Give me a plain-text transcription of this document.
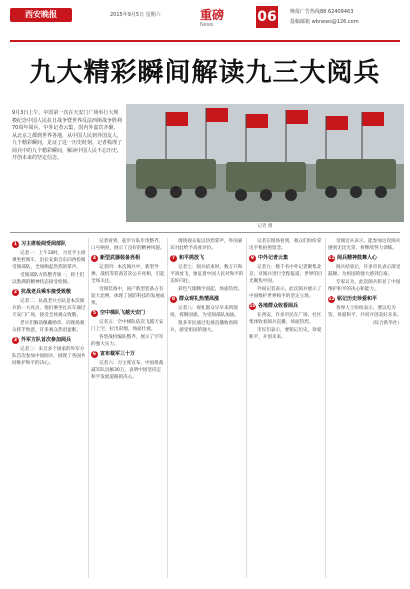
西安晚报	2015年9月5日 星期六	重磅
News	06	晚报广告热线88 62409463
投稿邮箱 wbnews@126.com
九大精彩瞬间解读九三大阅兵
9月3日上午，中国第一次在天安门广场举行大规模纪念中国人民抗日战争暨世界反法西斯战争胜利70周年阅兵，中外记者云集，国内外嘉宾齐聚。从北京之都到世界各地，从中国人民到外国友人，九个精彩瞬间，见证了这一历史时刻。记者梳理了阅兵中的九个精彩瞬间，解读中国人民不忘历史、开创未来的坚定信念。
记者 摄
1 习主席检阅受阅部队

记者一：上午10时，习近平主席乘坐检阅车，沿长安街自东向西检阅受阅部队，全场响起热烈的掌声。

受阅部队方阵整齐划一，将士们以饱满的精神状态接受检阅。

2 抗战老兵乘车接受致敬

记者二：抗战老兵方队是本次阅兵的一大亮点，他们乘坐礼宾车通过天安门广场，接受全场观众致敬。

老兵们胸前佩戴勋章，向现场观众挥手致意，许多观众热泪盈眶。

3 外军方队首次参加阅兵

记者三：来自多个国家的外军方队首次参加中国阅兵，展现了各国共同维护和平的决心。

记者看到，徒步方队步伐整齐，口号响亮，展示了良好的精神风貌。

4 新型武器装备亮相

记者四：本次阅兵中，新型导弹、战机等装备首次公开亮相，引起全场关注。

受阅装备中，国产新型装备占有较大比例，体现了国防科技的发展成果。

5 空中梯队飞越天安门

记者五：空中梯队依次飞越天安门上空，拉出彩烟，场面壮观。

各型战机编队整齐，展示了空军的强大实力。

6 宣布裁军三十万

记者六：习主席宣布，中国将裁减军队员额30万，表明中国坚持走和平发展道路的决心。

现场观众报以热烈掌声，外国嘉宾对此给予高度评价。

7 和平鸽放飞

记者七：阅兵结束时，数万只和平鸽放飞，象征着中国人民对和平的美好向往。

彩色气球腾空而起，场面热烈。

8 群众观礼热情高涨

记者八：观礼群众早早来到现场，挥舞国旗，为受阅部队加油。

很多市民通过电视直播收看阅兵，感受祖国的强大。

记者在现场看到，观众们纷纷拿出手机拍照留念。

9 中外记者云集

记者九：数千名中外记者聚集北京，对阅兵进行全程报道，世界的目光聚焦中国。

外国记者表示，此次阅兵展示了中国维护世界和平的坚定立场。

10 各地群众收看阅兵

在西安，许多市民在广场、社区集体收看阅兵直播，场面热烈。

市民们表示，要铭记历史，珍爱和平，开创未来。

受阅官兵表示，能参加这次阅兵感到无比光荣，将继续努力训练。

11 阅兵精神鼓舞人心

阅兵结束后，许多市民表示深受鼓舞，为祖国的强大感到自豪。

专家认为，此次阅兵彰显了中国维护和平的决心和能力。

12 铭记历史珍爱和平

各界人士纷纷表示，要以史为鉴，珍爱和平，共同开创美好未来。

（综合新华社）
